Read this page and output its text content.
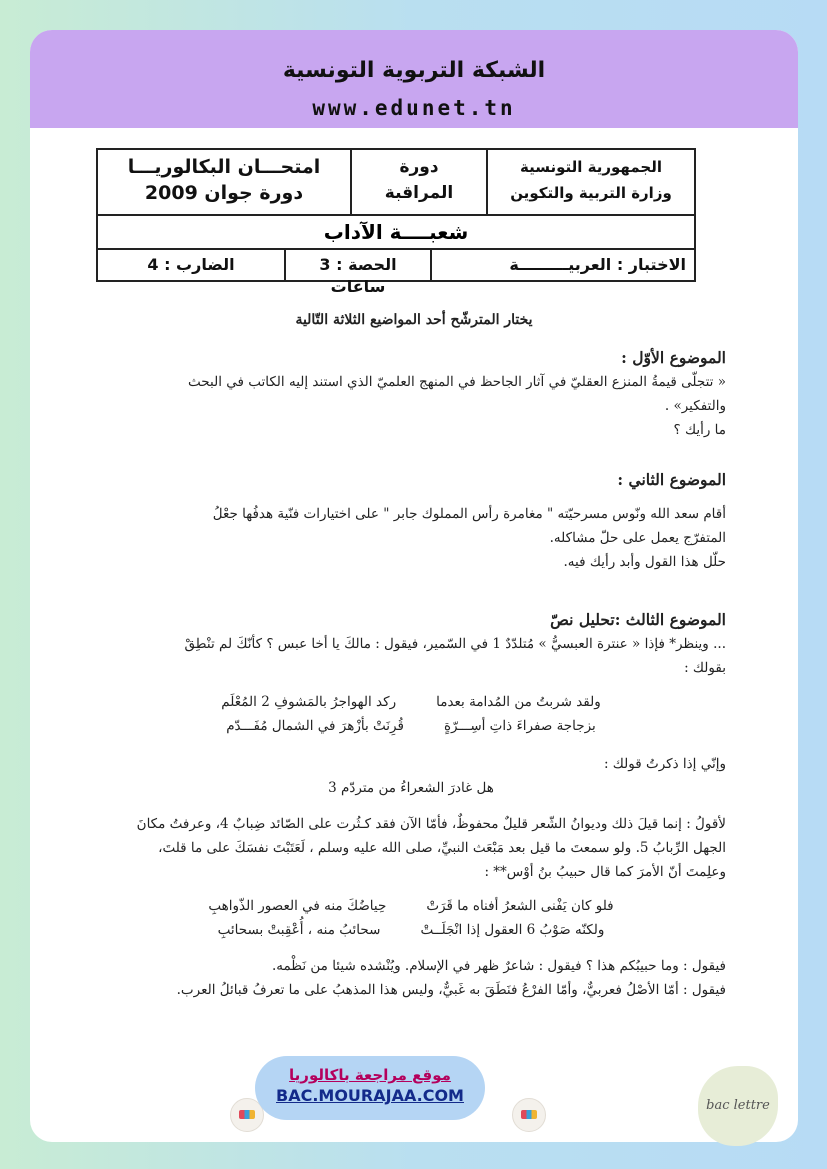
الشبكة التربوية التونسية
www.edunet.tn
الجمهورية التونسية
وزارة التربية والتكوين
دورة
المراقبة
امتحـــان البكالوريـــا
دورة جوان 2009
شعبــــة الآداب
الاختبار : العربيـــــــــة
الحصة : 3 ساعات
الضارب : 4
يختار المترشّح أحد المواضيع الثلاثة التّالية
الموضوع الأوّل :
« تتجلّى قيمةُ المنزع العقليّ في آثار الجاحظ في المنهج العلميّ الذي استند إليه الكاتب في البحث
والتفكير» .
ما رأيك ؟
الموضوع الثاني :
أقام سعد الله ونّوس مسرحيّته " مغامرة رأس المملوك جابر " على اختيارات فنّية هدفُها جعْلُ
المتفرّج يعمل على حلّ مشاكله.
حلّل هذا القول وأبد رأيك فيه.
الموضوع الثالث :تحليل نصّ
... وينظر* فإذا « عنترة العبسيُّ » مُتلدّدٌ 1 في السّمير، فيقول : مالكَ يا أخا عبس ؟ كأنّكَ لم تنْطِقْ
بقولك :
ولقد شربتُ من المُدامة بعدما
ركد الهواجرُ بالمَشوفِ 2 المُعْلَم
بزجاجة صفراءَ ذاتِ أسِـــرّةٍ
قُرِنَتْ بأزْهرَ في الشمال مُفَـــدّم
وإنّي إذا ذكرتُ قولك :
هل غادرَ الشعراءُ من متردّم 3
لأقولُ : إنما قيلَ ذلك وديوانُ الشّعر قليلٌ محفوظٌ، فأمّا الآن فقد كـثُرت على الصّائد ضِبابٌ 4، وعرفتُ مكانَ
الجهل الرِّبابُ 5. ولو سمعتَ ما قيل بعد مَبْعَث النبيِّ، صلى الله عليه وسلم ، لَعَتَبْتَ نفسَكَ على ما قلتَ،
وعلِمتَ أنّ الأمرَ كما قال حبيبُ بنُ أوْس** :
فلو كان يَفْنى الشعرُ أفناه ما قَرَتْ
حِياضُكَ منه في العصور الذّواهبِ
ولكنّه صَوْبُ 6 العقول إذا انْجَلَــتْ
سحائبُ منه ، أُعْقِبتْ بسحائبِ
فيقول : وما حبيبُكم هذا ؟ فيقول : شاعرٌ ظهر في الإسلام. ويُنْشده شيئا من نَظْمه.
فيقول : أمّا الأصْلُ فعربيٌّ، وأمّا الفرْعُ فنَطَقَ به غَبيٌّ، وليس هذا المذهبُ على ما تعرفُ قبائلُ العرب.
موقع مراجعة باكالوريا
BAC.MOURAJAA.COM
bac lettre
